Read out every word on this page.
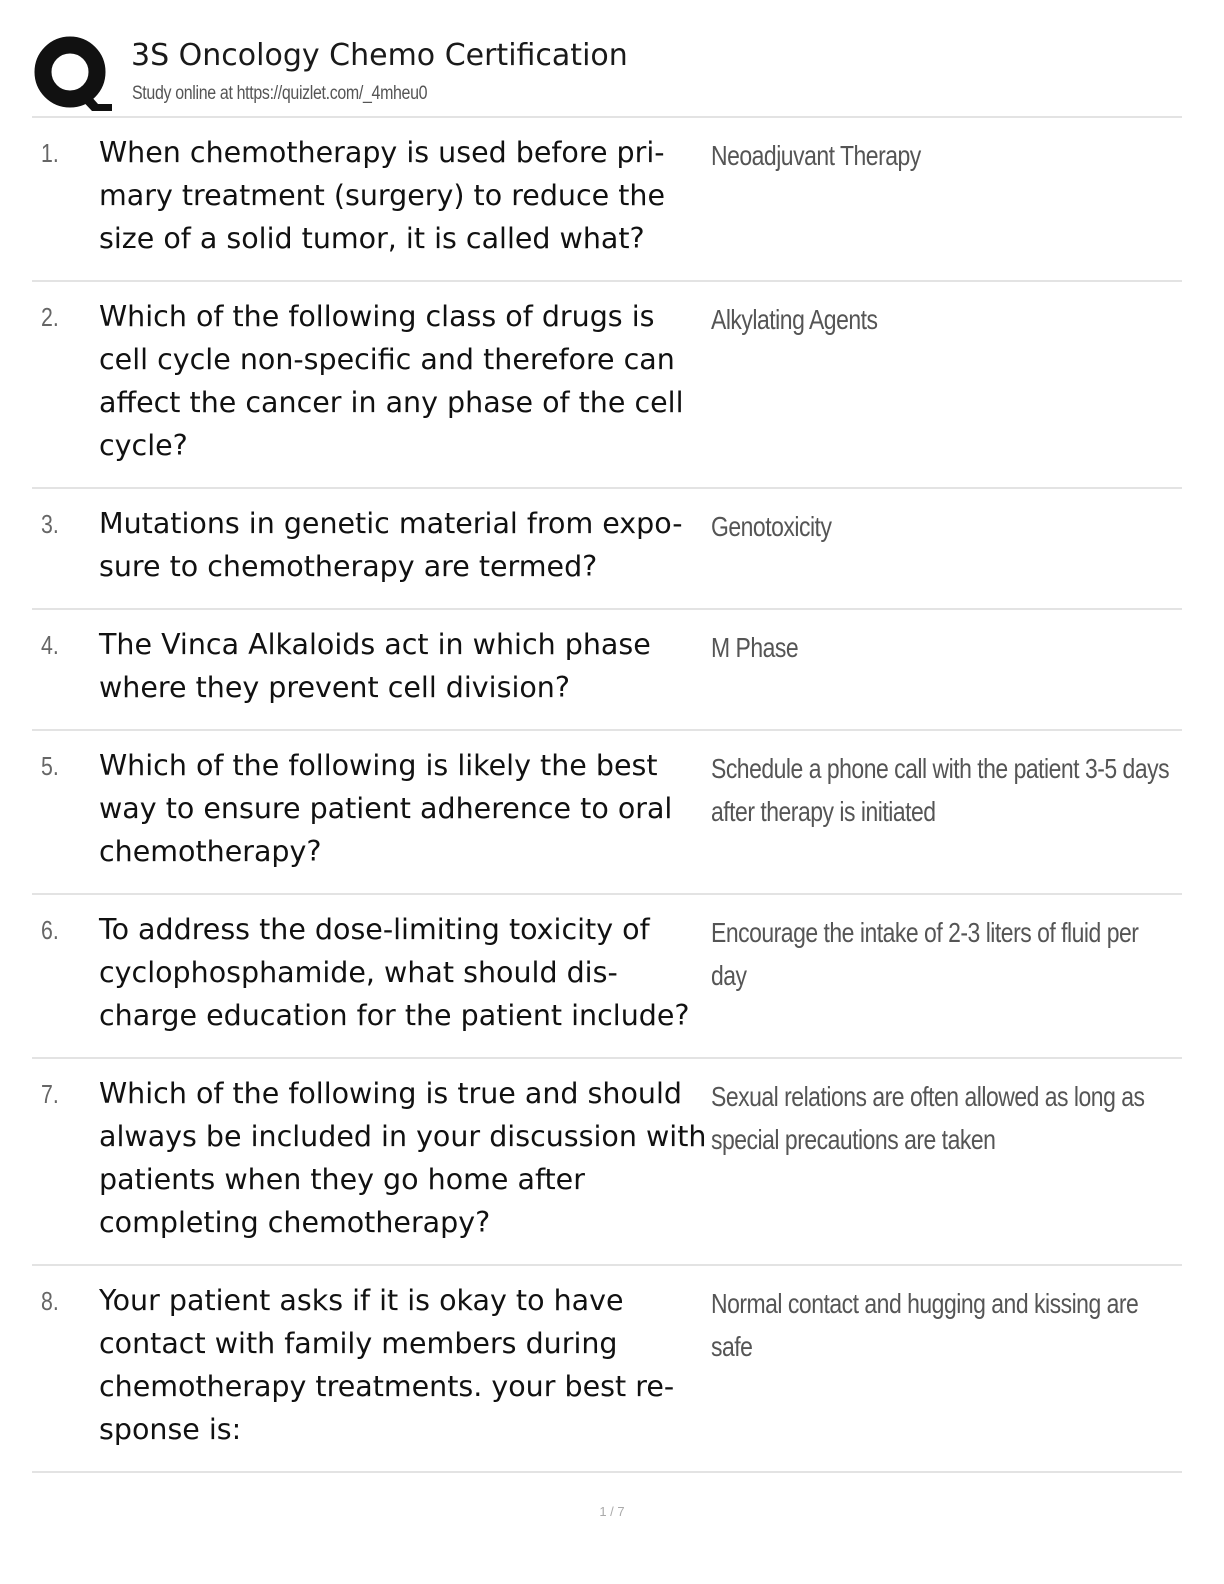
3S Oncology Chemo Certification
Study online at https://quizlet.com/_4mheu0
1. When chemotherapy is used before pri-mary treatment (surgery) to reduce the size of a solid tumor, it is called what?
Neoadjuvant Therapy
2. Which of the following class of drugs is cell cycle non-specific and therefore can affect the cancer in any phase of the cell cycle?
Alkylating Agents
3. Mutations in genetic material from expo-sure to chemotherapy are termed?
Genotoxicity
4. The Vinca Alkaloids act in which phase where they prevent cell division?
M Phase
5. Which of the following is likely the best way to ensure patient adherence to oral chemotherapy?
Schedule a phone call with the patient 3-5 days after therapy is initiated
6. To address the dose-limiting toxicity of cyclophosphamide, what should dis-charge education for the patient include?
Encourage the intake of 2-3 liters of fluid per day
7. Which of the following is true and should always be included in your discussion with patients when they go home after completing chemotherapy?
Sexual relations are often allowed as long as special precautions are taken
8. Your patient asks if it is okay to have contact with family members during chemotherapy treatments. your best re-sponse is:
Normal contact and hugging and kissing are safe
1 / 7
